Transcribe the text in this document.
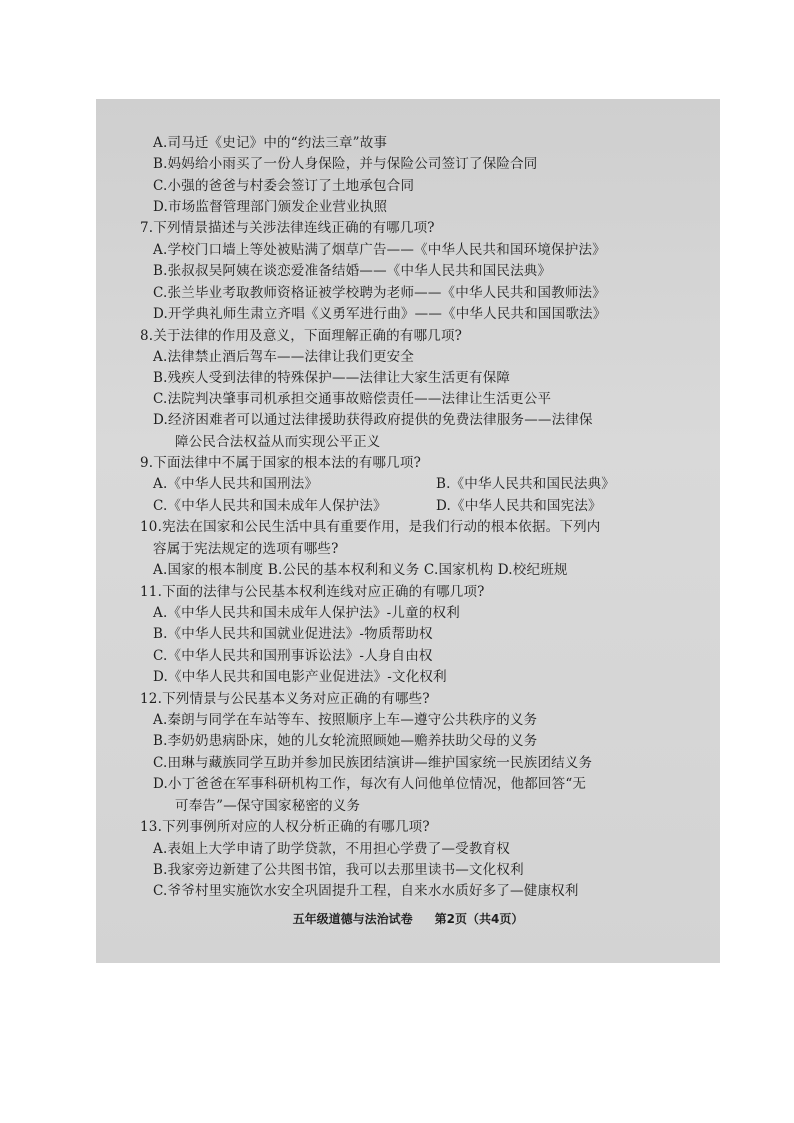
A.司马迁《史记》中的“约法三章”故事
B.妈妈给小雨买了一份人身保险，并与保险公司签订了保险合同
C.小强的爸爸与村委会签订了土地承包合同
D.市场监督管理部门颁发企业营业执照
7.下列情景描述与关涉法律连线正确的有哪几项?
A.学校门口墙上等处被贴满了烟草广告——《中华人民共和国环境保护法》
B.张叔叔吴阿姨在谈恋爱准备结婚——《中华人民共和国民法典》
C.张兰毕业考取教师资格证被学校聘为老师——《中华人民共和国教师法》
D.开学典礼师生肃立齐唱《义勇军进行曲》——《中华人民共和国国歌法》
8.关于法律的作用及意义，下面理解正确的有哪几项?
A.法律禁止酒后驾车——法律让我们更安全
B.残疾人受到法律的特殊保护——法律让大家生活更有保障
C.法院判决肇事司机承担交通事故赔偿责任——法律让生活更公平
D.经济困难者可以通过法律援助获得政府提供的免费法律服务——法律保
障公民合法权益从而实现公平正义
9.下面法律中不属于国家的根本法的有哪几项?
A.《中华人民共和国刑法》	B.《中华人民共和国民法典》
C.《中华人民共和国未成年人保护法》	D.《中华人民共和国宪法》
10.宪法在国家和公民生活中具有重要作用，是我们行动的根本依据。下列内
容属于宪法规定的选项有哪些?
A.国家的根本制度 B.公民的基本权利和义务 C.国家机构 D.校纪班规
11.下面的法律与公民基本权利连线对应正确的有哪几项?
A.《中华人民共和国未成年人保护法》-儿童的权利
B.《中华人民共和国就业促进法》-物质帮助权
C.《中华人民共和国刑事诉讼法》-人身自由权
D.《中华人民共和国电影产业促进法》-文化权利
12.下列情景与公民基本义务对应正确的有哪些?
A.秦朗与同学在车站等车、按照顺序上车—遵守公共秩序的义务
B.李奶奶患病卧床，她的儿女轮流照顾她—赡养扶助父母的义务
C.田琳与藏族同学互助并参加民族团结演讲—维护国家统一民族团结义务
D.小丁爸爸在军事科研机构工作，每次有人问他单位情况，他都回答“无
可奉告”—保守国家秘密的义务
13.下列事例所对应的人权分析正确的有哪几项?
A.表姐上大学申请了助学贷款，不用担心学费了—受教育权
B.我家旁边新建了公共图书馆，我可以去那里读书—文化权利
C.爷爷村里实施饮水安全巩固提升工程，自来水水质好多了—健康权利
五年级道德与法治试卷 第2页（共4页）
